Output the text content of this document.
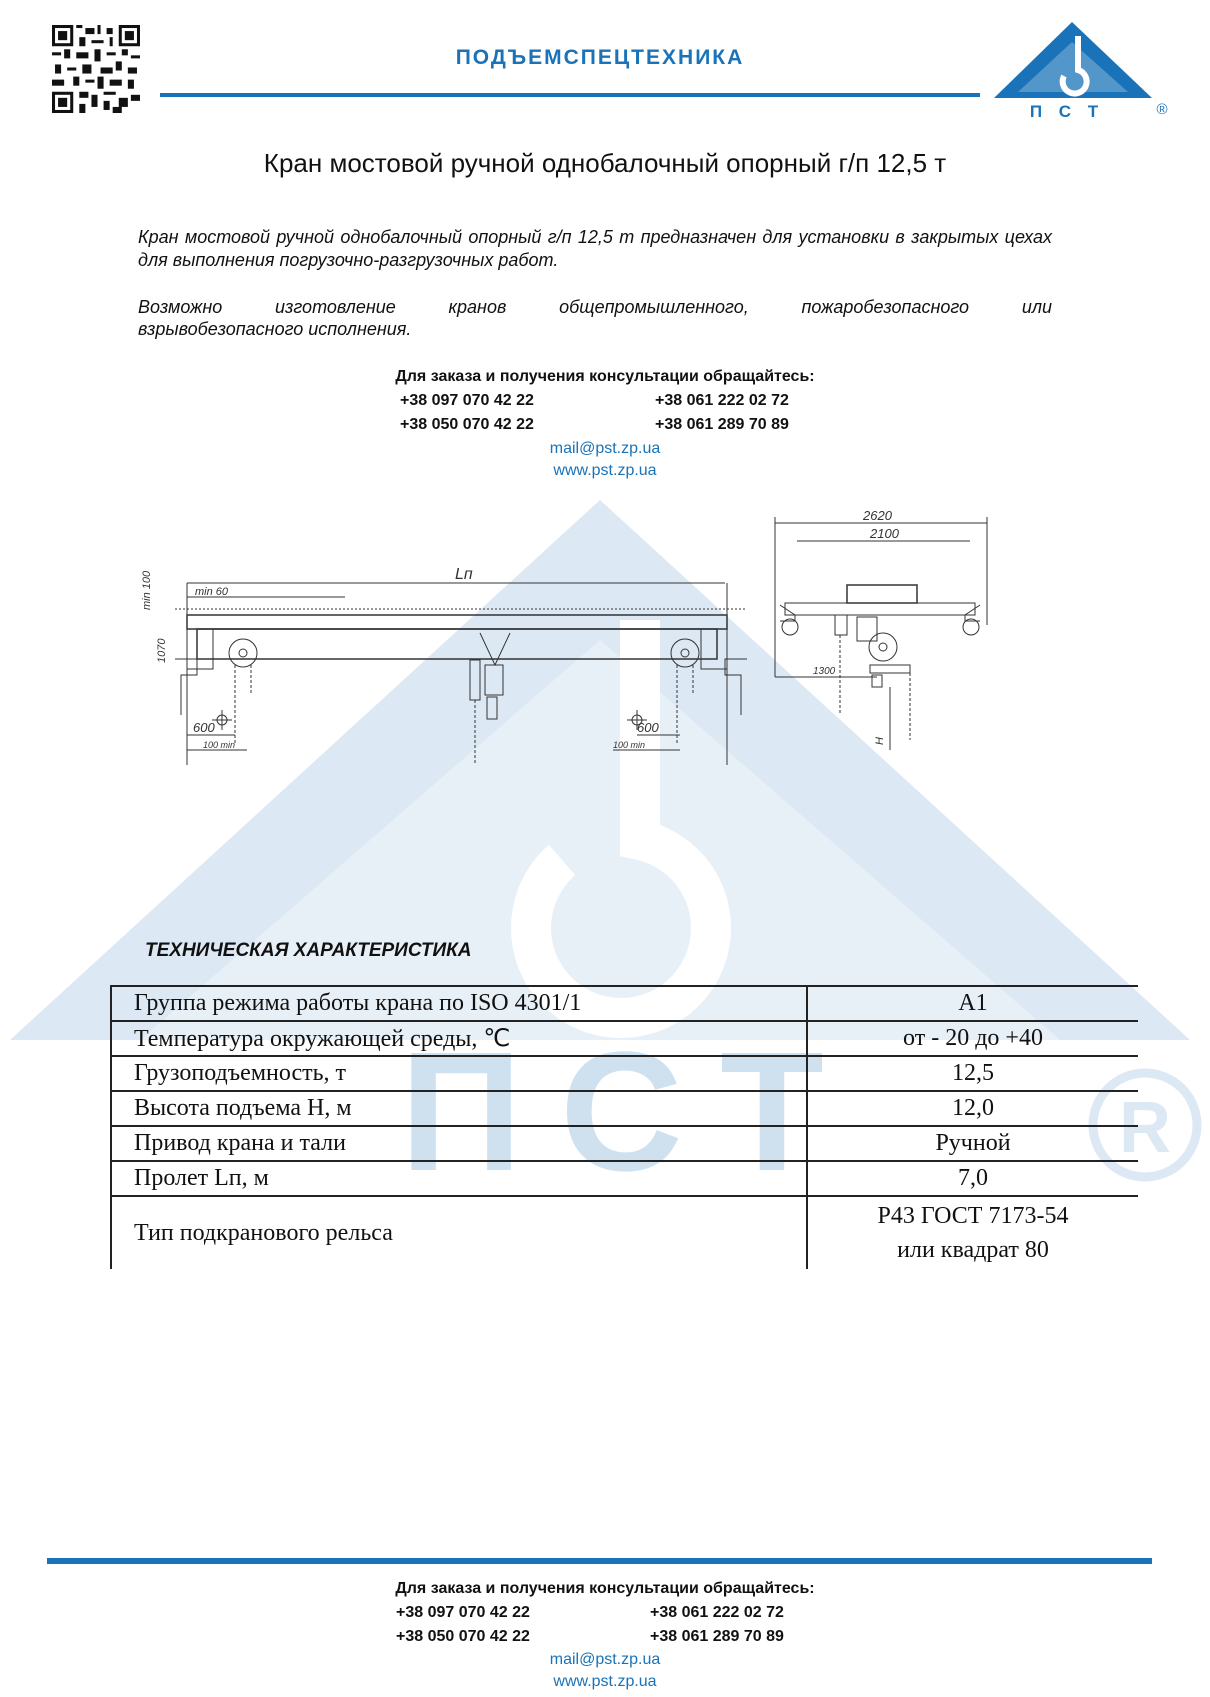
П С Т	R
ПОДЪЕМСПЕЦТЕХНИКА
П С Т	®
Кран мостовой ручной однобалочный опорный г/п 12,5 т
Кран мостовой ручной однобалочный опорный г/п 12,5 т предназначен для установки в закрытых цехах для выполнения погрузочно-разгрузочных работ.
Возможно изготовление кранов общепромышленного, пожаробезопасного или
взрывобезопасного исполнения.
Для заказа и получения консультации обращайтесь:
+38 097 070 42 22	+38 061 222 02 72
+38 050 070 42 22	+38 061 289 70 89
mail@pst.zp.ua
www.pst.zp.ua
Lп
min 60
min 100
1070
600
100 min
600
100 min
2620
2100
1300
H
ТЕХНИЧЕСКАЯ ХАРАКТЕРИСТИКА
Группа режима работы крана по ISO 4301/1	А1
Температура окружающей среды, ℃	от - 20 до +40
Грузоподъемность, т	12,5
Высота подъема Н, м	12,0
Привод крана и тали	Ручной
Пролет Lп, м	7,0
Тип подкранового рельса	Р43 ГОСТ 7173-54
или квадрат 80
Для заказа и получения консультации обращайтесь:
+38 097 070 42 22	+38 061 222 02 72
+38 050 070 42 22	+38 061 289 70 89
mail@pst.zp.ua
www.pst.zp.ua
